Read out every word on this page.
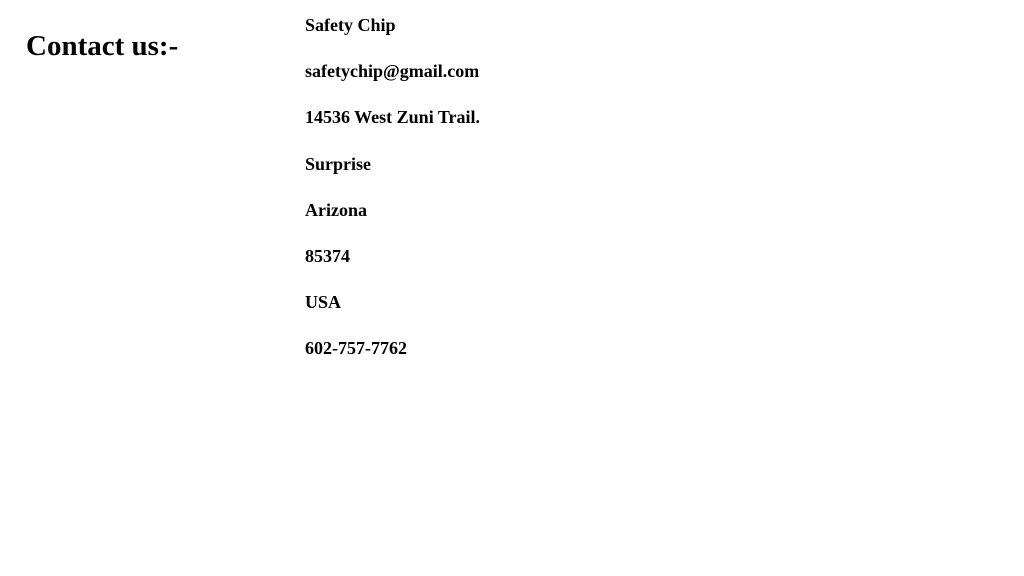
Contact us:-

Safety Chip

safetychip@gmail.com

14536 West Zuni Trail.

Surprise

Arizona

85374

USA

602-757-7762
